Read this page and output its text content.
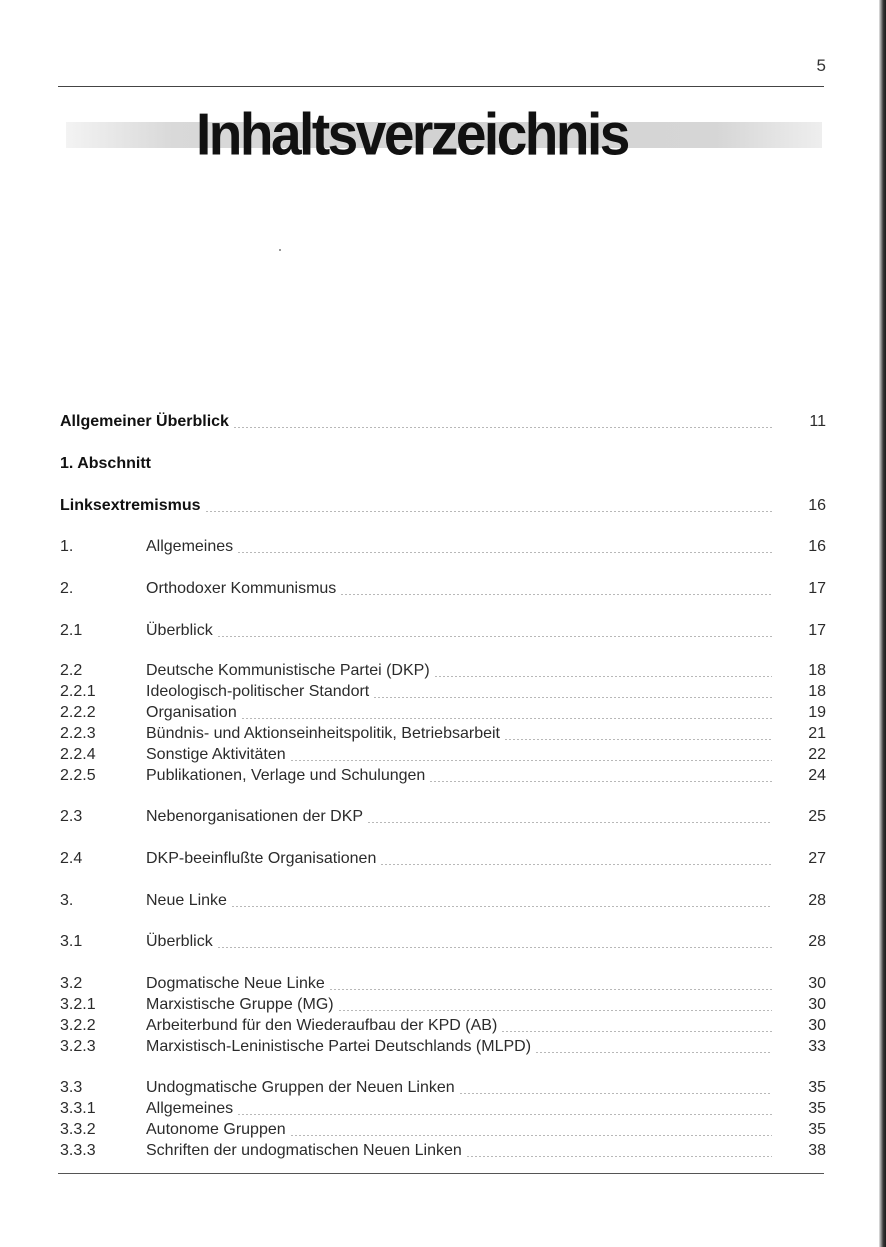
5
Inhaltsverzeichnis
Allgemeiner Überblick	11
1. Abschnitt
Linksextremismus	16
1.	Allgemeines	16
2.	Orthodoxer Kommunismus	17
2.1	Überblick	17
2.2	Deutsche Kommunistische Partei (DKP)	18
2.2.1	Ideologisch-politischer Standort	18
2.2.2	Organisation	19
2.2.3	Bündnis- und Aktionseinheitspolitik, Betriebsarbeit	21
2.2.4	Sonstige Aktivitäten	22
2.2.5	Publikationen, Verlage und Schulungen	24
2.3	Nebenorganisationen der DKP	25
2.4	DKP-beeinflußte Organisationen	27
3.	Neue Linke	28
3.1	Überblick	28
3.2	Dogmatische Neue Linke	30
3.2.1	Marxistische Gruppe (MG)	30
3.2.2	Arbeiterbund für den Wiederaufbau der KPD (AB)	30
3.2.3	Marxistisch-Leninistische Partei Deutschlands (MLPD)	33
3.3	Undogmatische Gruppen der Neuen Linken	35
3.3.1	Allgemeines	35
3.3.2	Autonome Gruppen	35
3.3.3	Schriften der undogmatischen Neuen Linken	38
